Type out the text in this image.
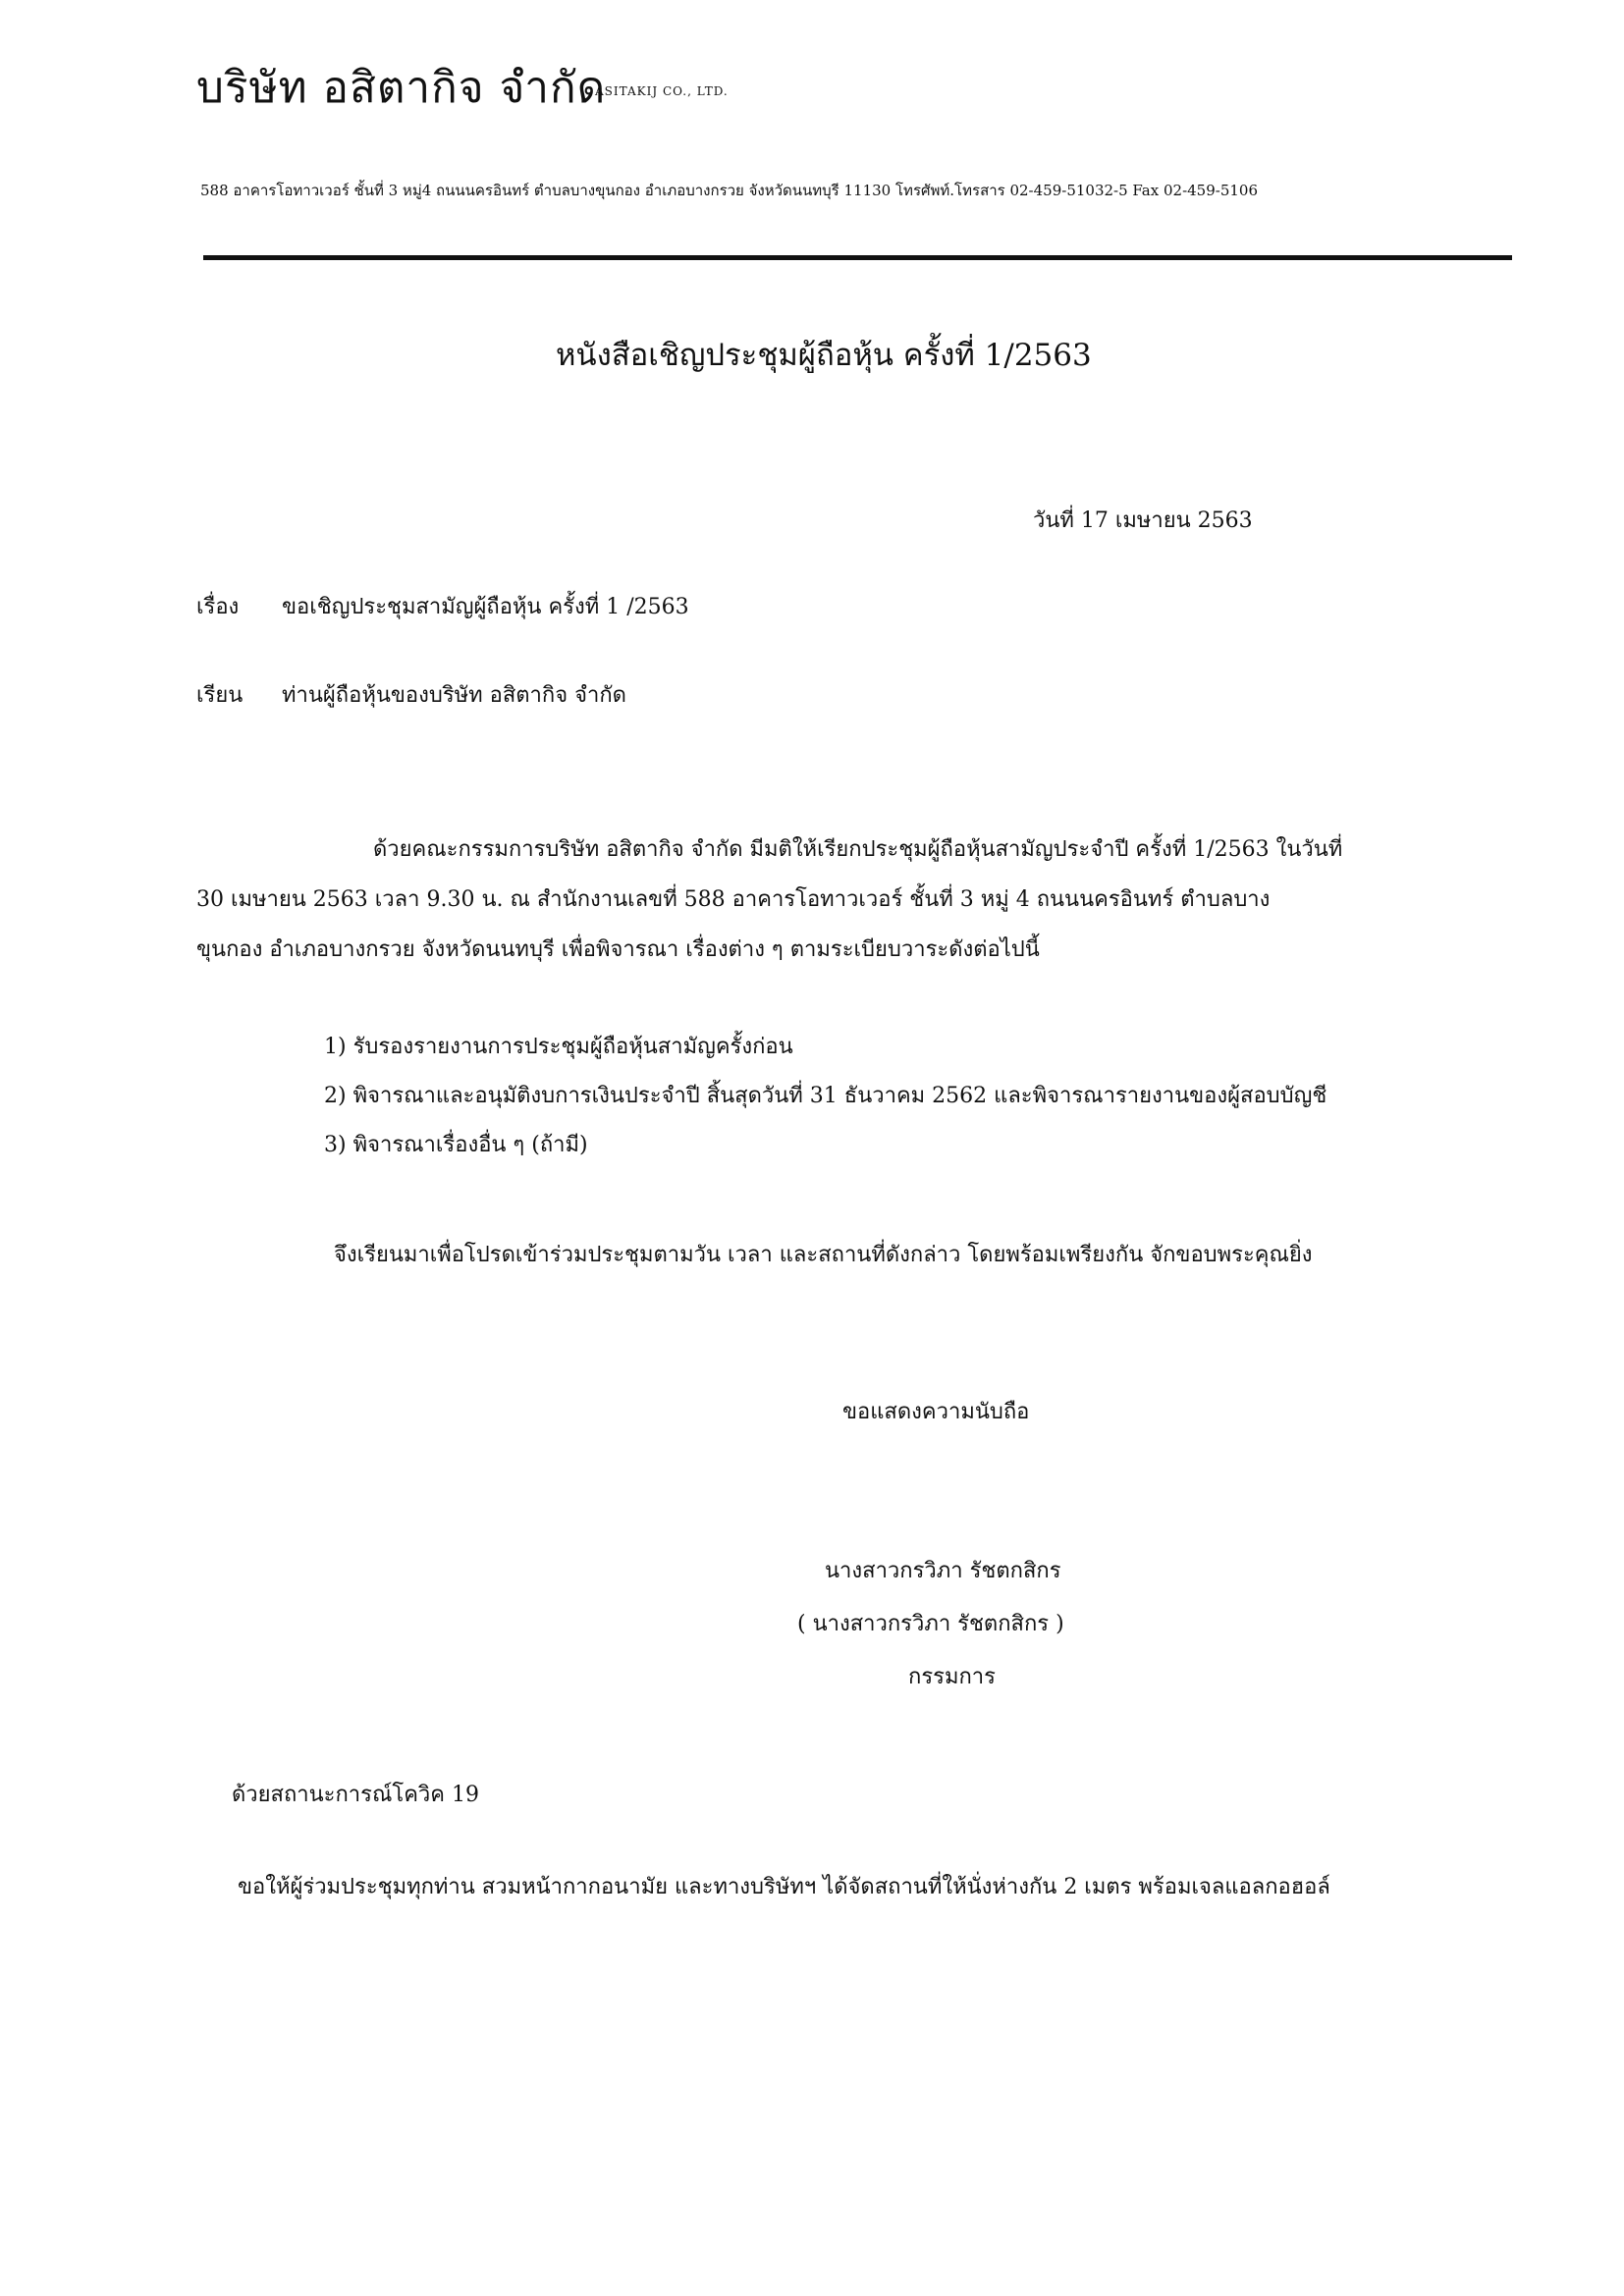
บริษัท อสิตากิจ จำกัด
ASITAKIJ CO., LTD.
588 อาคารโอทาวเวอร์ ชั้นที่ 3 หมู่4 ถนนนครอินทร์ ตำบลบางขุนกอง อำเภอบางกรวย จังหวัดนนทบุรี 11130 โทรศัพท์.โทรสาร 02-459-51032-5 Fax 02-459-5106
หนังสือเชิญประชุมผู้ถือหุ้น ครั้งที่ 1/2563
วันที่ 17 เมษายน 2563
เรื่อง ขอเชิญประชุมสามัญผู้ถือหุ้น ครั้งที่ 1 /2563
เรียน ท่านผู้ถือหุ้นของบริษัท อสิตากิจ จำกัด
ด้วยคณะกรรมการบริษัท อสิตากิจ จำกัด มีมติให้เรียกประชุมผู้ถือหุ้นสามัญประจำปี ครั้งที่ 1/2563 ในวันที่
30 เมษายน 2563 เวลา 9.30 น. ณ สำนักงานเลขที่ 588 อาคารโอทาวเวอร์ ชั้นที่ 3 หมู่ 4 ถนนนครอินทร์ ตำบลบาง
ขุนกอง อำเภอบางกรวย จังหวัดนนทบุรี เพื่อพิจารณา เรื่องต่าง ๆ ตามระเบียบวาระดังต่อไปนี้
1) รับรองรายงานการประชุมผู้ถือหุ้นสามัญครั้งก่อน
2) พิจารณาและอนุมัติงบการเงินประจำปี สิ้นสุดวันที่ 31 ธันวาคม 2562 และพิจารณารายงานของผู้สอบบัญชี
3) พิจารณาเรื่องอื่น ๆ (ถ้ามี)
จึงเรียนมาเพื่อโปรดเข้าร่วมประชุมตามวัน เวลา และสถานที่ดังกล่าว โดยพร้อมเพรียงกัน จักขอบพระคุณยิ่ง
ขอแสดงความนับถือ
นางสาวกรวิภา รัชตกสิกร
( นางสาวกรวิภา รัชตกสิกร )
กรรมการ
ด้วยสถานะการณ์โควิค 19
ขอให้ผู้ร่วมประชุมทุกท่าน สวมหน้ากากอนามัย และทางบริษัทฯ ได้จัดสถานที่ให้นั่งห่างกัน 2 เมตร พร้อมเจลแอลกอฮอล์
